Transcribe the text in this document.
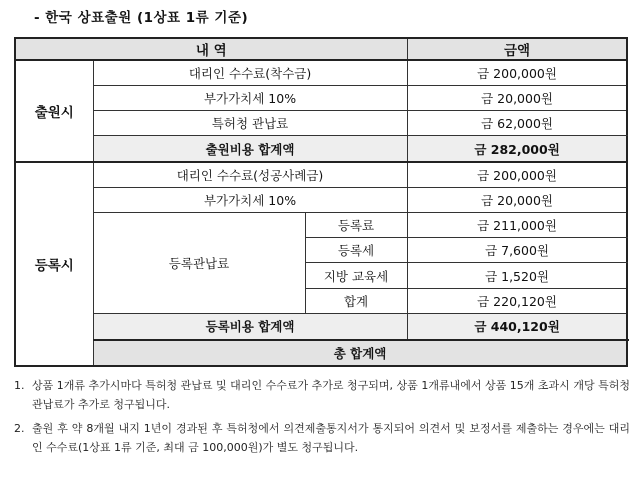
- 한국 상표출원 (1상표 1류 기준)
내 역			금액	
출원시	대리인 수수료(착수금)		금 200,000원	
	부가가치세 10%		금 20,000원	
	특허청 관납료		금 62,000원	
	출원비용 합계액		금 282,000원	
등록시	대리인 수수료(성공사례금)		금 200,000원	
	부가가치세 10%		금 20,000원	
	등록관납료	등록료	금 211,000원	
		등록세	금 7,600원	
		지방 교육세	금 1,520원	
		합계	금 220,120원	
	등록비용 합계액		금 440,120원	
	총 합계액	
1. 상품 1개류 추가시마다 특허청 관납료 및 대리인 수수료가 추가로 청구되며, 상품 1개류내에서 상품 15개 초과시 개당 특허청 관납료가 추가로 청구됩니다.
2. 출원 후 약 8개월 내지 1년이 경과된 후 특허청에서 의견제출통지서가 통지되어 의견서 및 보정서를 제출하는 경우에는 대리인 수수료(1상표 1류 기준, 최대 금 100,000원)가 별도 청구됩니다.
